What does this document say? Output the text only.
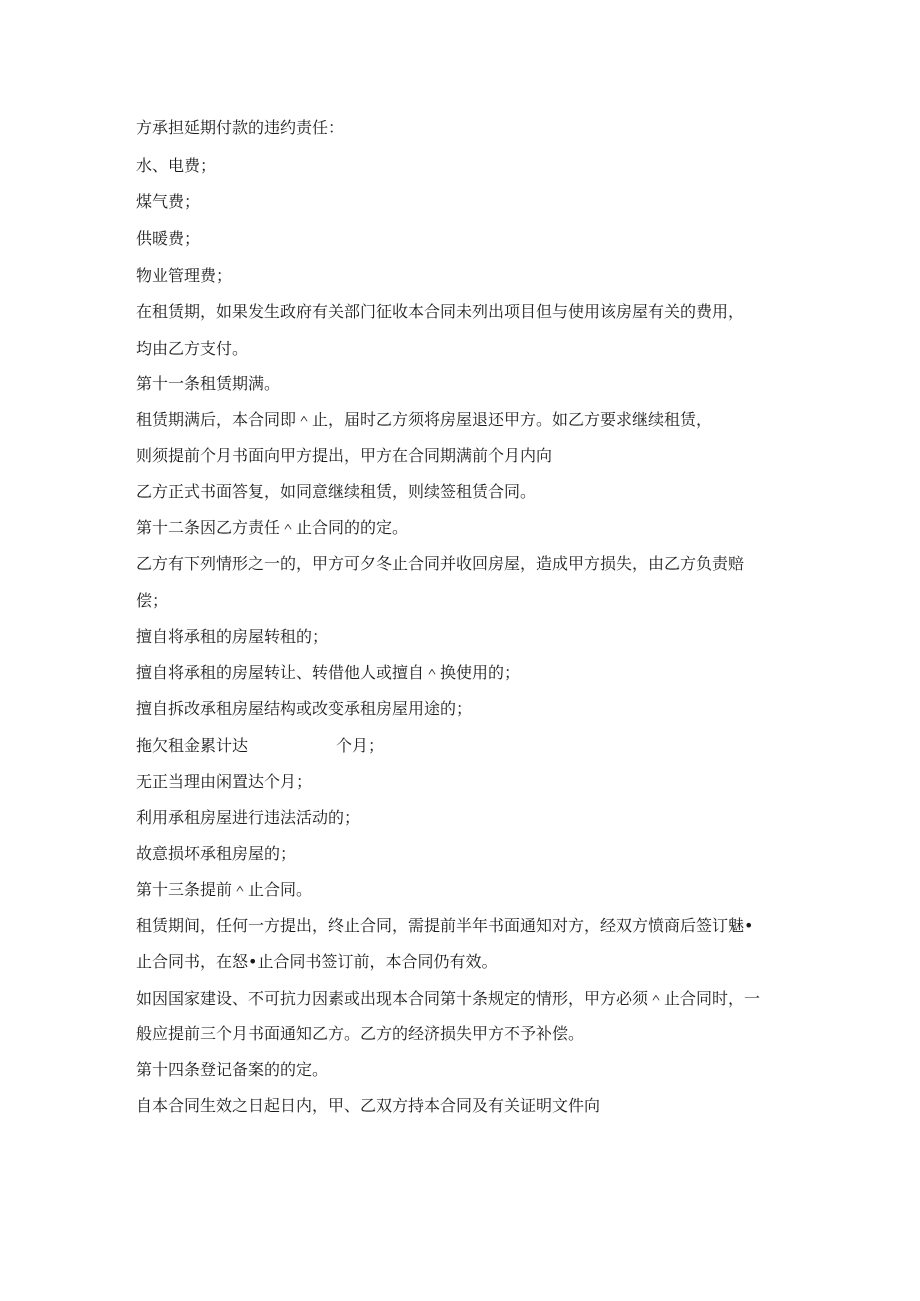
方承担延期付款的违约责任：
水、电费；
煤气费；
供暖费；
物业管理费；
在租赁期，如果发生政府有关部门征收本合同未列出项目但与使用该房屋有关的费用，
均由乙方支付。
第十一条租赁期满。
租赁期满后，本合同即＾止，届时乙方须将房屋退还甲方。如乙方要求继续租赁，
则须提前个月书面向甲方提出，甲方在合同期满前个月内向
乙方正式书面答复，如同意继续租赁，则续签租赁合同。
第十二条因乙方责任＾止合同的的定。
乙方有下列情形之一的，甲方可夕冬止合同并收回房屋，造成甲方损失，由乙方负责赔
偿；
擅自将承租的房屋转租的；
擅自将承租的房屋转让、转借他人或擅自＾换使用的；
擅自拆改承租房屋结构或改变承租房屋用途的；
拖欠租金累计达	个月；
无正当理由闲置达个月；
利用承租房屋进行违法活动的；
故意损坏承租房屋的；
第十三条提前＾止合同。
租赁期间，任何一方提出，终止合同，需提前半年书面通知对方，经双方愤商后签订魅•
止合同书，在怒•止合同书签订前，本合同仍有效。
如因国家建设、不可抗力因素或出现本合同第十条规定的情形，甲方必须＾止合同时，一
般应提前三个月书面通知乙方。乙方的经济损失甲方不予补偿。
第十四条登记备案的的定。
自本合同生效之日起日内，甲、乙双方持本合同及有关证明文件向
